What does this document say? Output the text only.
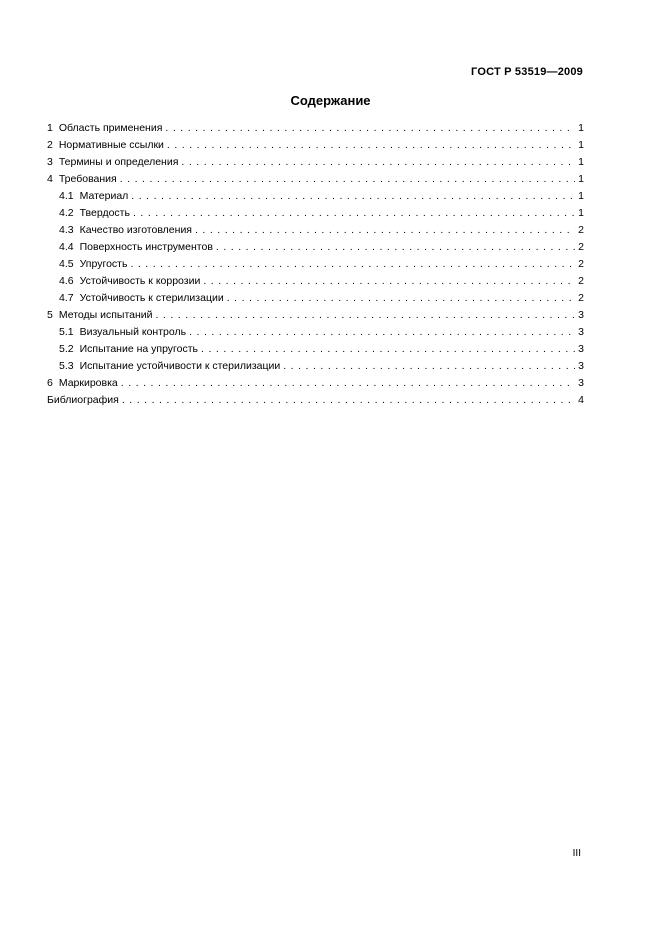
ГОСТ Р 53519—2009
Содержание
1 Область применения . . .	1
2 Нормативные ссылки . . .	1
3 Термины и определения . . .	1
4 Требования . . .	1
4.1 Материал . . .	1
4.2 Твердость . . .	1
4.3 Качество изготовления . . .	2
4.4 Поверхность инструментов . . .	2
4.5 Упругость . . .	2
4.6 Устойчивость к коррозии . . .	2
4.7 Устойчивость к стерилизации . . .	2
5 Методы испытаний . . .	3
5.1 Визуальный контроль . . .	3
5.2 Испытание на упругость . . .	3
5.3 Испытание устойчивости к стерилизации . . .	3
6 Маркировка . . .	3
Библиография . . .	4
III
